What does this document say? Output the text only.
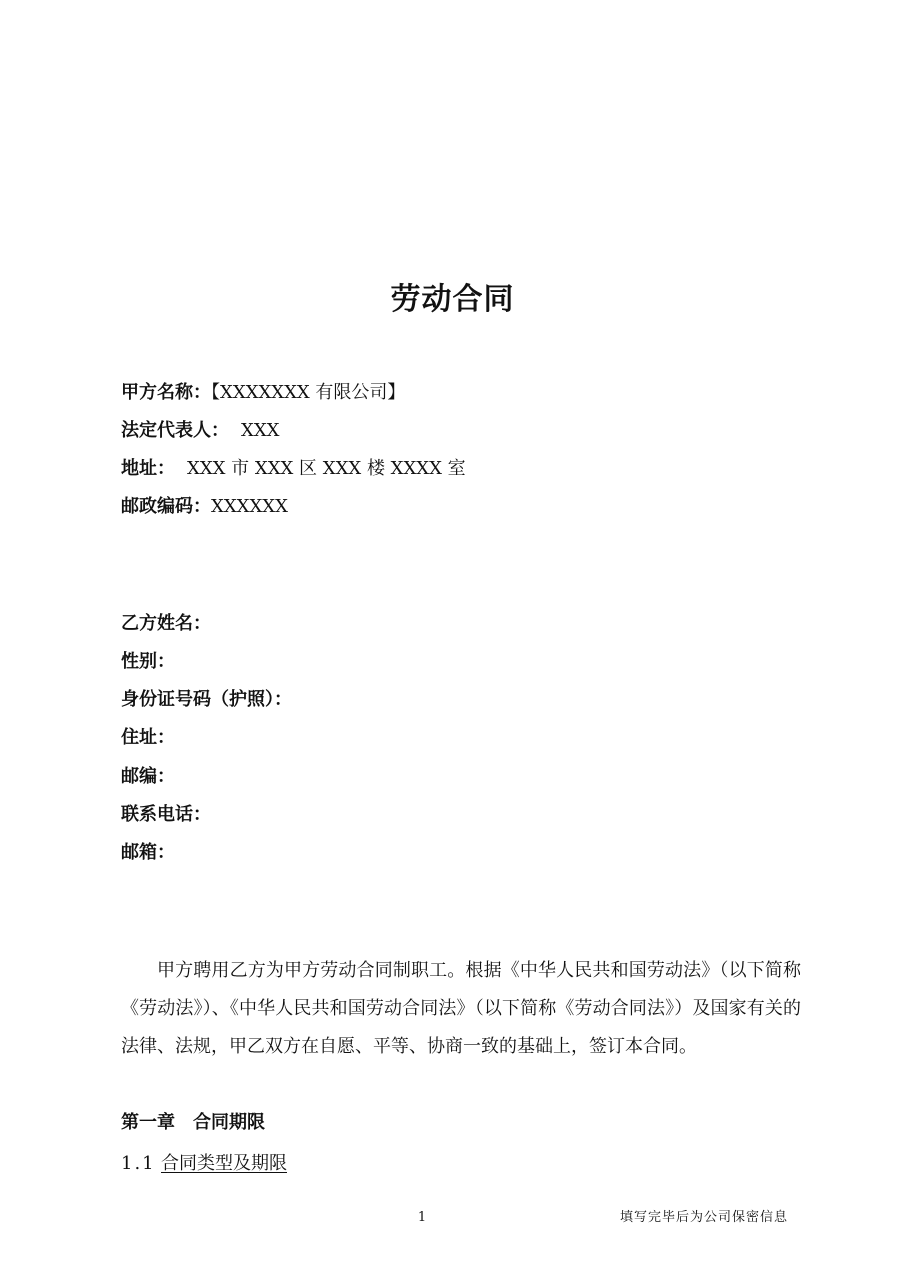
劳动合同
甲方名称：【XXXXXXX 有限公司】
法定代表人： XXX
地址： XXX 市 XXX 区 XXX 楼 XXXX 室
邮政编码：XXXXXX
乙方姓名：
性别：
身份证号码（护照）：
住址：
邮编：
联系电话：
邮箱：
甲方聘用乙方为甲方劳动合同制职工。根据《中华人民共和国劳动法》（以下简称《劳动法》）、《中华人民共和国劳动合同法》（以下简称《劳动合同法》）及国家有关的法律、法规，甲乙双方在自愿、平等、协商一致的基础上，签订本合同。
第一章　合同期限
1.1 合同类型及期限
1	填写完毕后为公司保密信息
